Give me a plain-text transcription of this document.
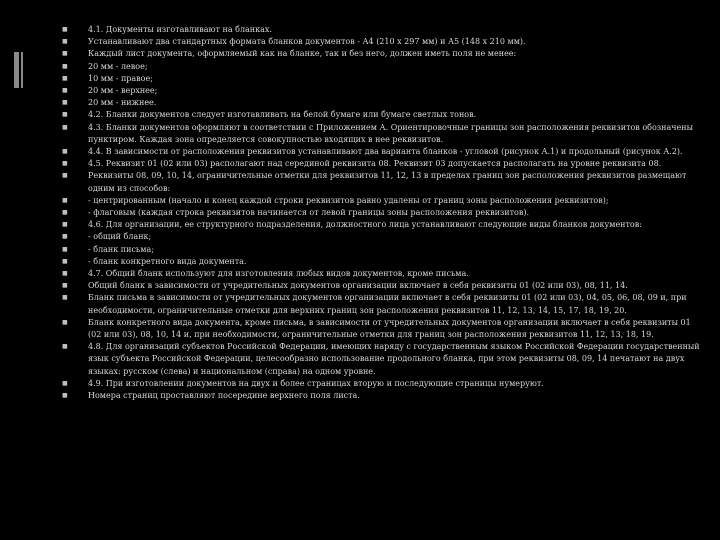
■	4.1. Документы изготавливают на бланках.
■	Устанавливают два стандартных формата бланков документов - А4 (210 x 297 мм) и А5 (148 x 210 мм).
■	Каждый лист документа, оформляемый как на бланке, так и без него, должен иметь поля не менее:
■	20 мм - левое;
■	10 мм - правое;
■	20 мм - верхнее;
■	20 мм - нижнее.
■	4.2. Бланки документов следует изготавливать на белой бумаге или бумаге светлых тонов.
■	4.3. Бланки документов оформляют в соответствии с Приложением А. Ориентировочные границы зон расположения реквизитов обозначены пунктиром. Каждая зона определяется совокупностью входящих в нее реквизитов.
■	4.4. В зависимости от расположения реквизитов устанавливают два варианта бланков - угловой (рисунок А.1) и продольный (рисунок А.2).
■	4.5. Реквизит 01 (02 или 03) располагают над серединой реквизита 08. Реквизит 03 допускается располагать на уровне реквизита 08.
■	Реквизиты 08, 09, 10, 14, ограничительные отметки для реквизитов 11, 12, 13 в пределах границ зон расположения реквизитов размещают одним из способов:
■	- центрированным (начало и конец каждой строки реквизитов равно удалены от границ зоны расположения реквизитов);
■	- флаговым (каждая строка реквизитов начинается от левой границы зоны расположения реквизитов).
■	4.6. Для организации, ее структурного подразделения, должностного лица устанавливают следующие виды бланков документов:
■	- общий бланк;
■	- бланк письма;
■	- бланк конкретного вида документа.
■	4.7. Общий бланк используют для изготовления любых видов документов, кроме письма.
■	Общий бланк в зависимости от учредительных документов организации включает в себя реквизиты 01 (02 или 03), 08, 11, 14.
■	Бланк письма в зависимости от учредительных документов организации включает в себя реквизиты 01 (02 или 03), 04, 05, 06, 08, 09 и, при необходимости, ограничительные отметки для верхних границ зон расположения реквизитов 11, 12, 13, 14, 15, 17, 18, 19, 20.
■	Бланк конкретного вида документа, кроме письма, в зависимости от учредительных документов организации включает в себя реквизиты 01 (02 или 03), 08, 10, 14 и, при необходимости, ограничительные отметки для границ зон расположения реквизитов 11, 12, 13, 18, 19.
■	4.8. Для организаций субъектов Российской Федерации, имеющих наряду с государственным языком Российской Федерации государственный язык субъекта Российской Федерации, целесообразно использование продольного бланка, при этом реквизиты 08, 09, 14 печатают на двух языках: русском (слева) и национальном (справа) на одном уровне.
■	4.9. При изготовлении документов на двух и более страницах вторую и последующие страницы нумеруют.
■	Номера страниц проставляют посередине верхнего поля листа.
